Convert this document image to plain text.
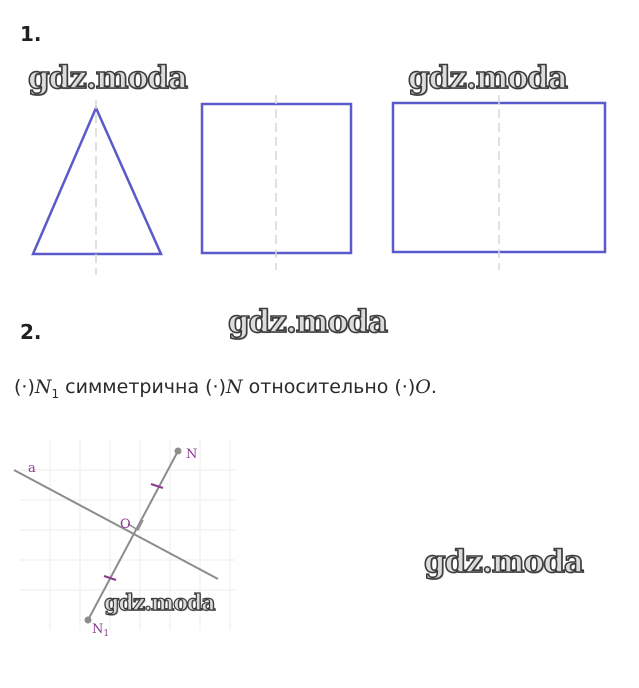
1.
gdz.moda	gdz.moda
a
N
O
$N_1$
2.	gdz.moda
$(\cdot)N_1$ симметрична (·)N относительно (·)O.
gdz.moda
gdz.moda
